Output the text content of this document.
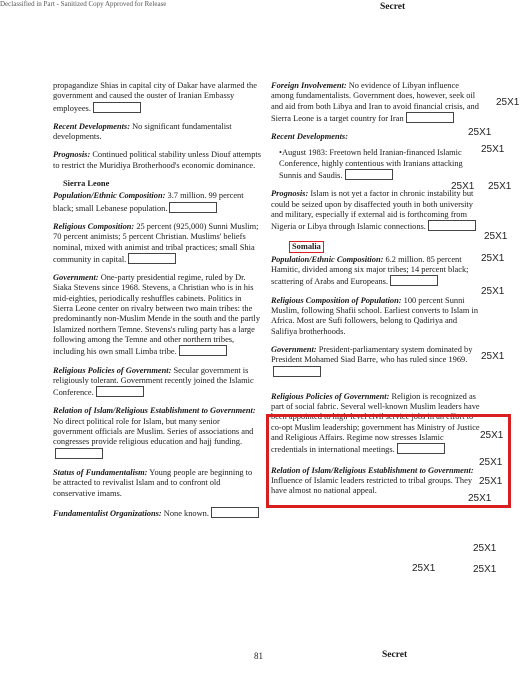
Declassified in Part - Sanitized Copy Approved for Release	Secret

propagandize Shias in capital city of Dakar have alarmed the government and caused the ouster of Iranian Embassy employees.

Recent Developments: No significant fundamentalist developments.

Prognosis: Continued political stability unless Diouf attempts to restrict the Muridiya Brotherhood's economic dominance.

Sierra Leone

Population/Ethnic Composition: 3.7 million. 99 percent black; small Lebanese population.

Religious Composition: 25 percent (925,000) Sunni Muslim; 70 percent animists; 5 percent Christian. Muslims' beliefs nominal, mixed with animist and tribal practices; small Shia community in capital.

Government: One-party presidential regime, ruled by Dr. Siaka Stevens since 1968. Stevens, a Christian who is in his mid-eighties, periodically reshuffles cabinets. Politics in Sierra Leone center on rivalry between two main tribes: the predominantly non-Muslim Mende in the south and the partly Islamized northern Temne. Stevens's ruling party has a large following among the Temne and other northern tribes, including his own small Limba tribe.

Religious Policies of Government: Secular government is religiously tolerant. Government recently joined the Islamic Conference.

Relation of Islam/Religious Establishment to Government: No direct political role for Islam, but many senior government officials are Muslim. Series of associations and congresses provide religious education and hajj funding.

Status of Fundamentalism: Young people are beginning to be attracted to revivalist Islam and to confront old conservative imams.

Fundamentalist Organizations: None known.

Foreign Involvement: No evidence of Libyan influence among fundamentalists. Government does, however, seek oil and aid from both Libya and Iran to avoid financial crisis, and Sierra Leone is a target country for Iran

Recent Developments:

• August 1983: Freetown held Iranian-financed Islamic Conference, highly contentious with Iranians attacking Sunnis and Saudis.

Prognosis: Islam is not yet a factor in chronic instability but could be seized upon by disaffected youth in both university and military, especially if external aid is forthcoming from Nigeria or Libya through Islamic connections.

Somalia

Population/Ethnic Composition: 6.2 million. 85 percent Hamitic, divided among six major tribes; 14 percent black; scattering of Arabs and Europeans.

Religious Composition of Population: 100 percent Sunni Muslim, following Shafii school. Earliest converts to Islam in Africa. Most are Sufi followers, belong to Qadiriya and Salifiya brotherhoods.

Government: President-parliamentary system dominated by President Mohamed Siad Barre, who has ruled since 1969.

Religious Policies of Government: Religion is recognized as part of social fabric. Several well-known Muslim leaders have been appointed to high-level civil service jobs in an effort to co-opt Muslim leadership; government has Ministry of Justice and Religious Affairs. Regime now stresses Islamic credentials in international meetings.

Relation of Islam/Religious Establishment to Government: Influence of Islamic leaders restricted to tribal groups. They have almost no national appeal.

25X1
25X1
25X1
25X1 25X1
25X1
25X1
25X1
25X1
25X1
25X1
25X1
25X1
25X1
25X1	25X1
81	Secret
